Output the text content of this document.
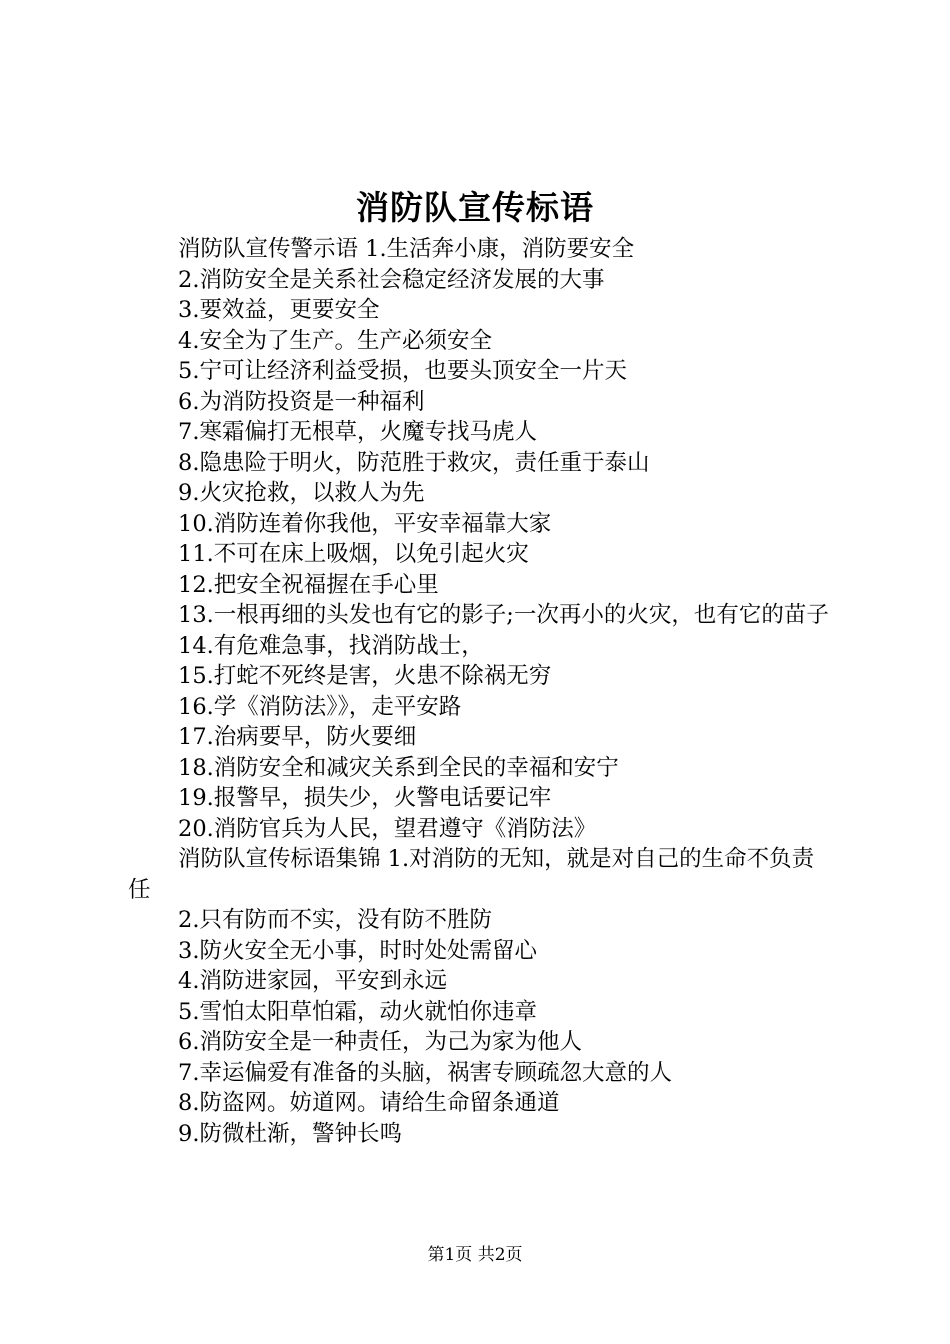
消防队宣传标语

消防队宣传警示语 1.生活奔小康，消防要安全

2.消防安全是关系社会稳定经济发展的大事

3.要效益，更要安全

4.安全为了生产。生产必须安全

5.宁可让经济利益受损，也要头顶安全一片天

6.为消防投资是一种福利

7.寒霜偏打无根草，火魔专找马虎人

8.隐患险于明火，防范胜于救灾，责任重于泰山

9.火灾抢救，以救人为先

10.消防连着你我他，平安幸福靠大家

11.不可在床上吸烟，以免引起火灾

12.把安全祝福握在手心里

13.一根再细的头发也有它的影子;一次再小的火灾，也有它的苗子

14.有危难急事，找消防战士，

15.打蛇不死终是害，火患不除祸无穷

16.学《消防法》》，走平安路

17.治病要早，防火要细

18.消防安全和减灾关系到全民的幸福和安宁

19.报警早，损失少，火警电话要记牢

20.消防官兵为人民，望君遵守《消防法》

消防队宣传标语集锦 1.对消防的无知，就是对自己的生命不负责任

2.只有防而不实，没有防不胜防

3.防火安全无小事，时时处处需留心

4.消防进家园，平安到永远

5.雪怕太阳草怕霜，动火就怕你违章

6.消防安全是一种责任，为己为家为他人

7.幸运偏爱有准备的头脑，祸害专顾疏忽大意的人

8.防盗网。妨道网。请给生命留条通道

9.防微杜渐，警钟长鸣

第1页 共2页
